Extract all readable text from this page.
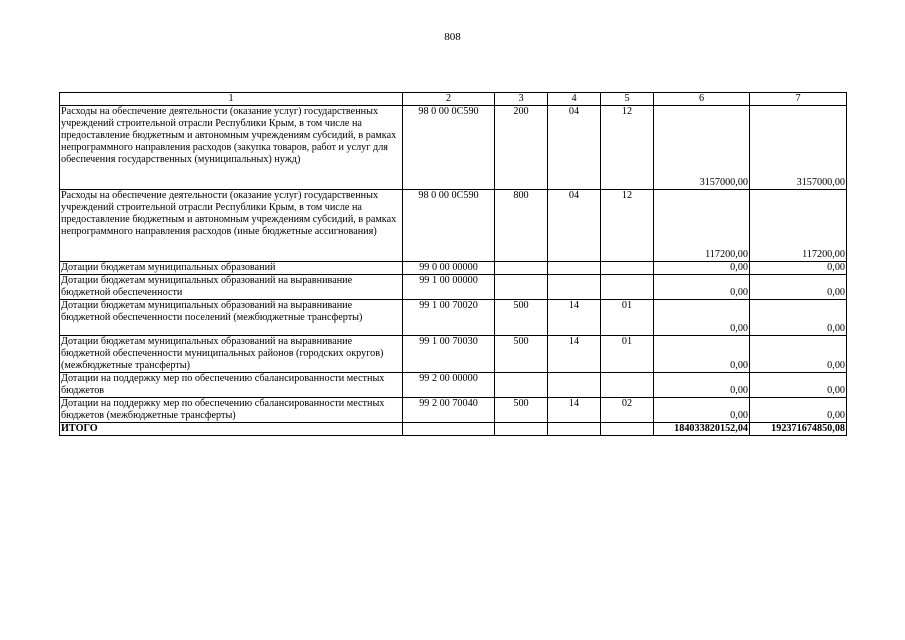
808
1	2	3	4	5	6	7
Расходы на обеспечение деятельности (оказание услуг) государственных учреждений строительной отрасли Республики Крым, в том числе на предоставление бюджетным и автономным учреждениям субсидий, в рамках непрограммного направления расходов (закупка товаров, работ и услуг для обеспечения государственных (муниципальных) нужд)	98 0 00 0С590	200	04	12	3157000,00	3157000,00
Расходы на обеспечение деятельности (оказание услуг) государственных учреждений строительной отрасли Республики Крым, в том числе на предоставление бюджетным и автономным учреждениям субсидий, в рамках непрограммного направления расходов (иные бюджетные ассигнования)	98 0 00 0С590	800	04	12	117200,00	117200,00
Дотации бюджетам муниципальных образований	99 0 00 00000				0,00	0,00
Дотации бюджетам муниципальных образований на выравнивание бюджетной обеспеченности	99 1 00 00000				0,00	0,00
Дотации бюджетам муниципальных образований на выравнивание бюджетной обеспеченности поселений (межбюджетные трансферты)	99 1 00 70020	500	14	01	0,00	0,00
Дотации бюджетам муниципальных образований на выравнивание бюджетной обеспеченности муниципальных районов (городских округов) (межбюджетные трансферты)	99 1 00 70030	500	14	01	0,00	0,00
Дотации на поддержку мер по обеспечению сбалансированности местных бюджетов	99 2 00 00000				0,00	0,00
Дотации на поддержку мер по обеспечению сбалансированности местных бюджетов (межбюджетные трансферты)	99 2 00 70040	500	14	02	0,00	0,00
ИТОГО					184033820152,04	192371674850,08
